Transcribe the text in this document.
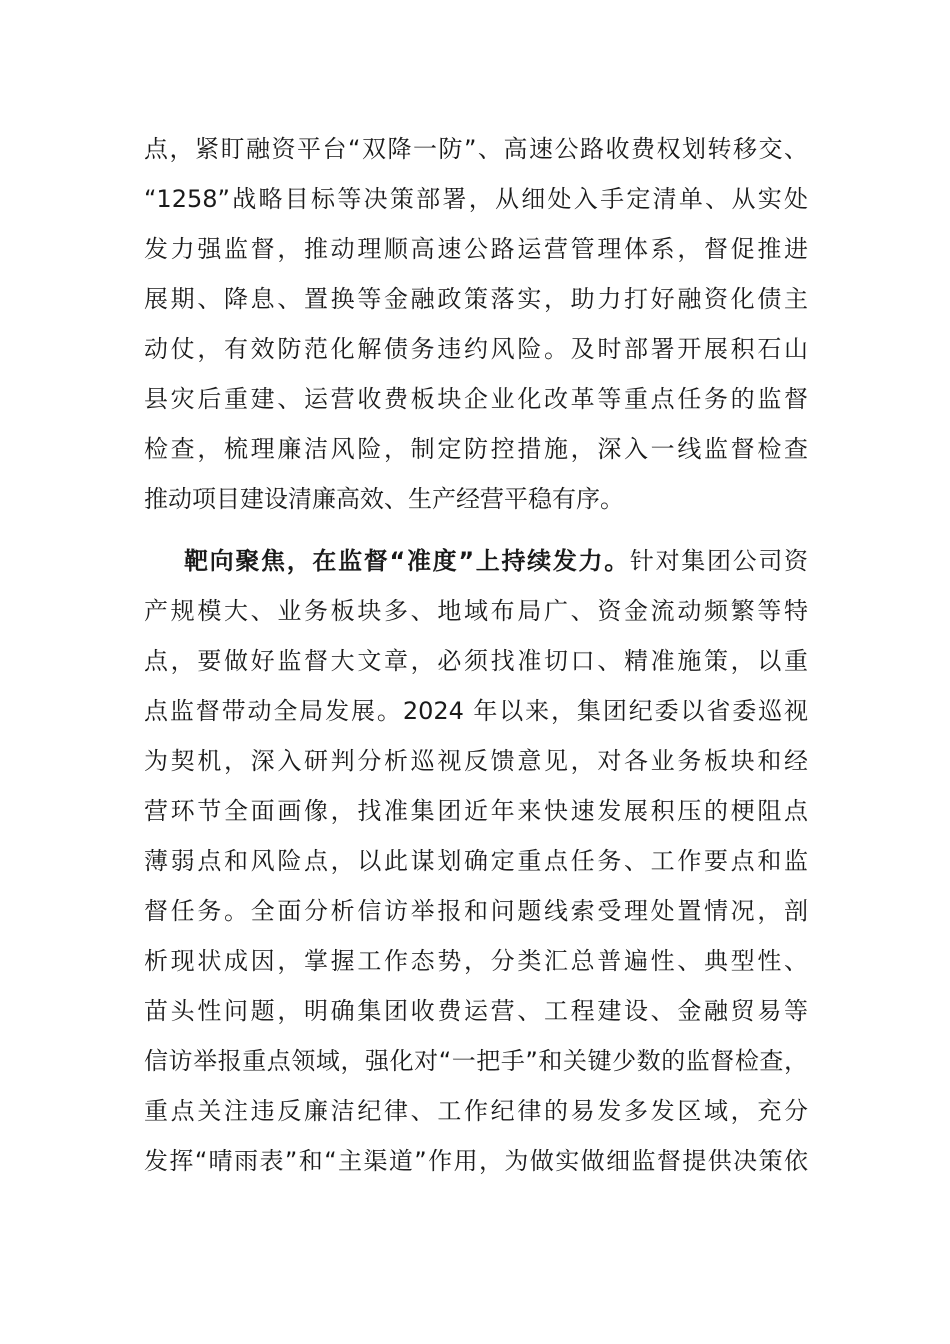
点，紧盯融资平台“双降一防”、高速公路收费权划转移交、
“1258”战略目标等决策部署，从细处入手定清单、从实处
发力强监督，推动理顺高速公路运营管理体系，督促推进
展期、降息、置换等金融政策落实，助力打好融资化债主
动仗，有效防范化解债务违约风险。及时部署开展积石山
县灾后重建、运营收费板块企业化改革等重点任务的监督
检查，梳理廉洁风险，制定防控措施，深入一线监督检查
推动项目建设清廉高效、生产经营平稳有序。
靶向聚焦，在监督“准度”上持续发力。针对集团公司资
产规模大、业务板块多、地域布局广、资金流动频繁等特
点，要做好监督大文章，必须找准切口、精准施策，以重
点监督带动全局发展。2024 年以来，集团纪委以省委巡视
为契机，深入研判分析巡视反馈意见，对各业务板块和经
营环节全面画像，找准集团近年来快速发展积压的梗阻点
薄弱点和风险点，以此谋划确定重点任务、工作要点和监
督任务。全面分析信访举报和问题线索受理处置情况，剖
析现状成因，掌握工作态势，分类汇总普遍性、典型性、
苗头性问题，明确集团收费运营、工程建设、金融贸易等
信访举报重点领域，强化对“一把手”和关键少数的监督检查，
重点关注违反廉洁纪律、工作纪律的易发多发区域，充分
发挥“晴雨表”和“主渠道”作用，为做实做细监督提供决策依
